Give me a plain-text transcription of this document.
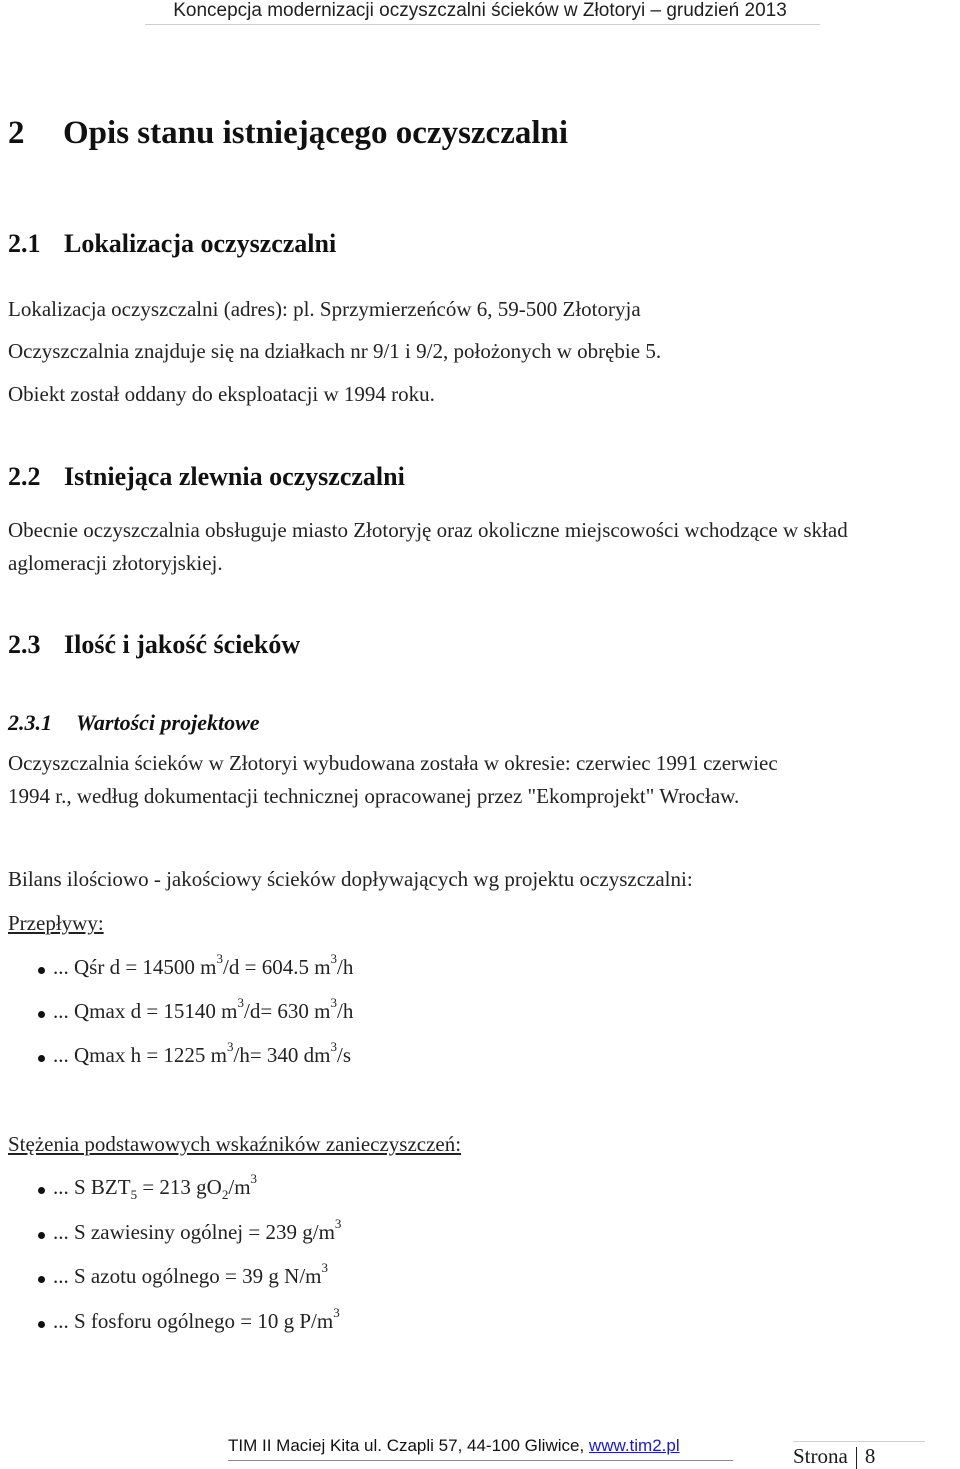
Koncepcja modernizacji oczyszczalni ścieków w Złotoryi – grudzień 2013
2 Opis stanu istniejącego oczyszczalni
2.1 Lokalizacja oczyszczalni
Lokalizacja oczyszczalni (adres): pl. Sprzymierzeńców 6, 59-500 Złotoryja
Oczyszczalnia znajduje się na działkach nr 9/1 i 9/2, położonych w obrębie 5.
Obiekt został oddany do eksploatacji w 1994 roku.
2.2 Istniejąca zlewnia oczyszczalni
Obecnie oczyszczalnia obsługuje miasto Złotoryję oraz okoliczne miejscowości wchodzące w skład
aglomeracji złotoryjskiej.
2.3 Ilość i jakość ścieków
2.3.1 Wartości projektowe
Oczyszczalnia ścieków w Złotoryi wybudowana została w okresie: czerwiec 1991 czerwiec
1994 r., według dokumentacji technicznej opracowanej przez "Ekomprojekt" Wrocław.
Bilans ilościowo - jakościowy ścieków dopływających wg projektu oczyszczalni:
Przepływy:
... Qśr d = 14500 $m^3/d = 604.5$ $m^3/h$
... Qmax d = 15140 $m^3/d= 630$ $m^3/h$
... Qmax h = 1225 $m^3/h= 340$ $dm^3/s$
Stężenia podstawowych wskaźników zanieczyszczeń:
... S $BZT_5 = 213$ $gO_2/m^3$
... S zawiesiny ogólnej = 239 $g/m^3$
... S azotu ogólnego = 39 g $N/m^3$
... S fosforu ogólnego = 10 g $P/m^3$
TIM II Maciej Kita ul. Czapli 57, 44-100 Gliwice, www.tim2.pl	Strona 8
